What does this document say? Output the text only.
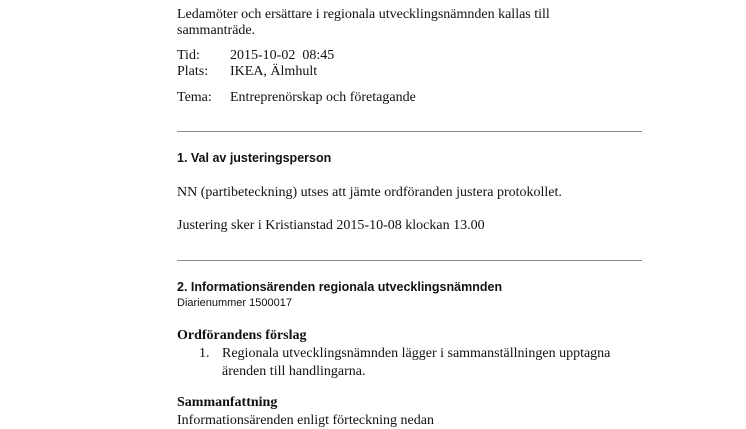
Ledamöter och ersättare i regionala utvecklingsnämnden kallas till
sammanträde.
Tid: 2015-10-02  08:45
Plats: IKEA, Älmhult
Tema: Entreprenörskap och företagande
1. Val av justeringsperson
NN (partibeteckning) utses att jämte ordföranden justera protokollet.
Justering sker i Kristianstad 2015-10-08 klockan 13.00
2. Informationsärenden regionala utvecklingsnämnden
Diarienummer 1500017
Ordförandens förslag
1. Regionala utvecklingsnämnden lägger i sammanställningen upptagna
ärenden till handlingarna.
Sammanfattning
Informationsärenden enligt förteckning nedan
